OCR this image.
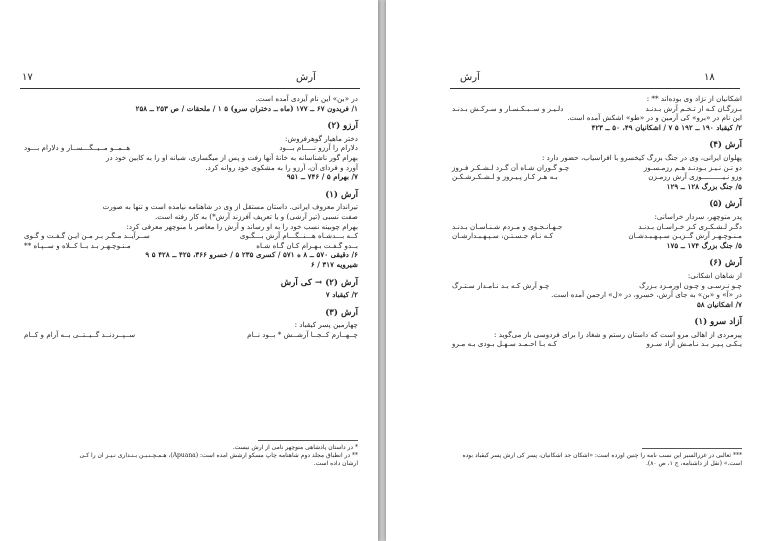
۱۷	آرش
در «بن» این نام آیزدی آمده است.
۱/ فریدون ۶۷ ــ ۱۷۷ (ماه ــ دختران سرو) ۵ ۱ / ملحقات / ص ۲۵۳ ــ ۲۵۸
آرزو (۲)
دختر ماهیار گوهرفروش:
دلارام را آرزو نـــــام بـــود
هــمــو مــیــگـــســار و دلارام بـــود
بهرام گور ناشناسانه به خانهٔ آنها رفت و پس از میگساری، شبانه او را به کابین خود در
آورد و فردای آن، آرزو را به مشکوی خود روانه کرد.
۷/ بهرام ۵ / ۷۴۶ ــ ۹۵۱
آرش (۱)
تیرانداز معروف ایرانی. داستان مستقل از وی در شاهنامه نیامده است و تنها به صورت
صفت نسبی (تیر آرشی) و یا تعریف آفرزند آرش*) به کار رفته است.
بهرام چوبینه نسب خود را به او رساند و آرش را معاصر با منوچهر معرفی کرد:
کــه بـــدشـاه هـــنــگـــام آرش بـــگـوی
ســرآیــد مـگـر بـر مـن ایـن گـفـت و گـوی
بــدو گـفـت بـهـرام کـان گـاه شـاه
مـنـوچـهـر بـد بــا کــلاه و ســپـاه **
۶/ دقیقی ۵۷۰ ــ ۸ ه ۵۷۱ / کسری ۲۳۵ ۵ / خسرو ۳۶۶، ۴۲۵ ــ ۴۲۸ ۵ ۹
شیرویه ۳۱۷ / ۶
آرش (۲) → کی آرش
۲/ کیقباد ۷
آرش (۳)
چهارمین پسر کیقباد :
چــهــارم کــجــا آرشــش * بــود نــام
ســپــردنــد گــیــتــی بــه آرام و کــام
* در داستان پادشاهی منوچهر نامی از آرش نیست.
** در انطباق مجلد دوم شاهنامه چاپ مسکو آرشش آمده است: (Apuana)، هـمـچـنـیـن بـنـداری نـیـز آن را کـی
آرشان داده است.
۱۸
آرش
اشکانیان از نژاد وی بوده‌اند ** :
بـزرگـان کـه از تـخـم آرش بـدنـد
دلـیـر و ســبـکـسـار و سـرکـش بـدنـد
این نام در «برو» کی آرمین و در «طو» اشکش آمده است.
۲/ کیقباد ۱۹۰ ــ ۱۹۲ ۵ ۷ / اشکانیان ۴۹، ۵۰ ــ ۴۲۳
آرش (۴)
پهلوان ایرانی، وی در جنگ بزرگ کیخسرو با افراسیاب، حضور دارد :
دو تـن نـیـز بـودنـد هـم رزمـسـوز
چـو گـوران شـاه آن گـرد لـشـکـر فـروز
وزو نـیــــــــــوزی آرش رزمـزن
بـه هـر کـار پـیـروز و لـشـکـرشـکـن
۵/ جنگ بزرگ ۱۲۸ ــ ۱۲۹
آرش (۵)
پدر منوچهر، سردار خراسانی:
دگـر لـشـکـری کـز خـراسـان بـدنـد
جـهـانـجـوی و مـردم شـنـاسـان بـدنـد
مـنـوچـهـر آرش گــزیـن سـپـهـبـدشـان
کـه نـام جـسـتـن، سـپـهـبـدارشـان
۵/ جنگ بزرگ ۱۷۴ ــ ۱۷۵
آرش (۶)
از شاهان اشکانی:
چـو نـرسـی و چـون اورمـزد بـزرگ
چـو آرش کـه بـد نـامـدار سـتـرگ
در «آ» و «بن» به جای آرش، خسرو، در «ل» ارجمن آمده است.
۷/ اشکانیان ۵۸
آزاد سرو (۱)
پیرمردی از اهالی مرو است که داستان رستم و شغاد را برای فردوسی باز می‌گوید :
یـکـی پـیـر بـد نـامـش آزاد سـرو
کـه بـا احـمـد سـهـل بـودی بـه مـرو
*** ثعالبی در غررالسیر این نسب نامه را چنین آورده است: «اشکان جد اشکانیان، پسر کی آرش پسر کیقباد بوده
است.» (نقل از داشنامه، ج ۱، ص ۸۰).
